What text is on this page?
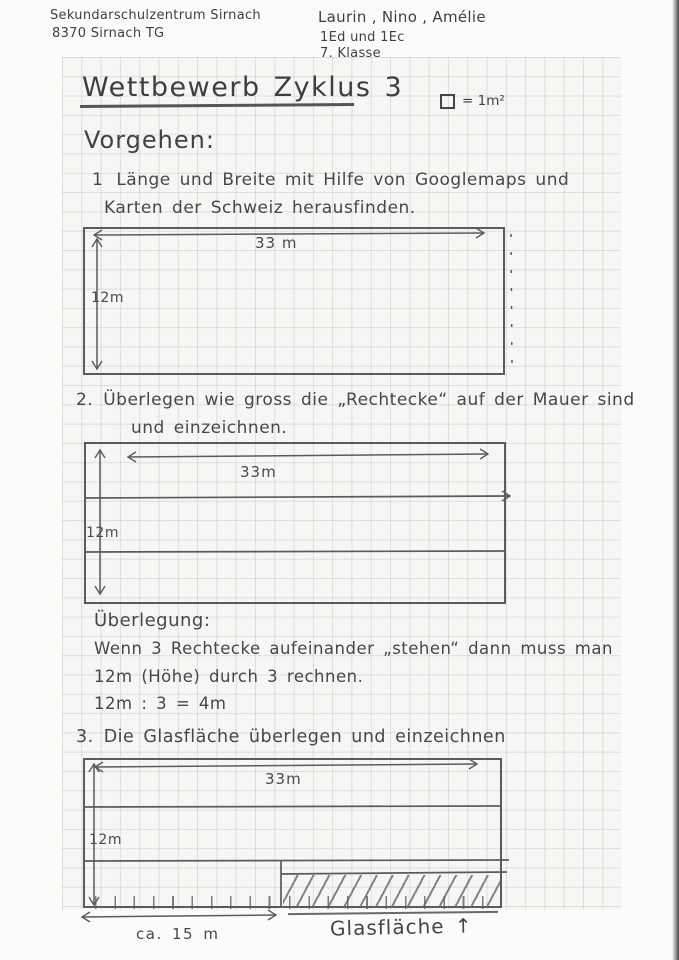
Sekundarschulzentrum Sirnach
8370 Sirnach TG
Laurin , Nino , Amélie
1Ed und 1Ec
7. Klasse
Wettbewerb Zyklus 3	= 1m²
Vorgehen:
1 Länge und Breite mit Hilfe von Googlemaps und
Karten der Schweiz herausfinden.
33 m
12m
2. Überlegen wie gross die „Rechtecke“ auf der Mauer sind
und einzeichnen.
33m
12m
Überlegung:
Wenn 3 Rechtecke aufeinander „stehen“ dann muss man
12m (Höhe) durch 3 rechnen.
12m : 3 = 4m
3. Die Glasfläche überlegen und einzeichnen
33m
12m
ca. 15 m	Glasfläche ↑
